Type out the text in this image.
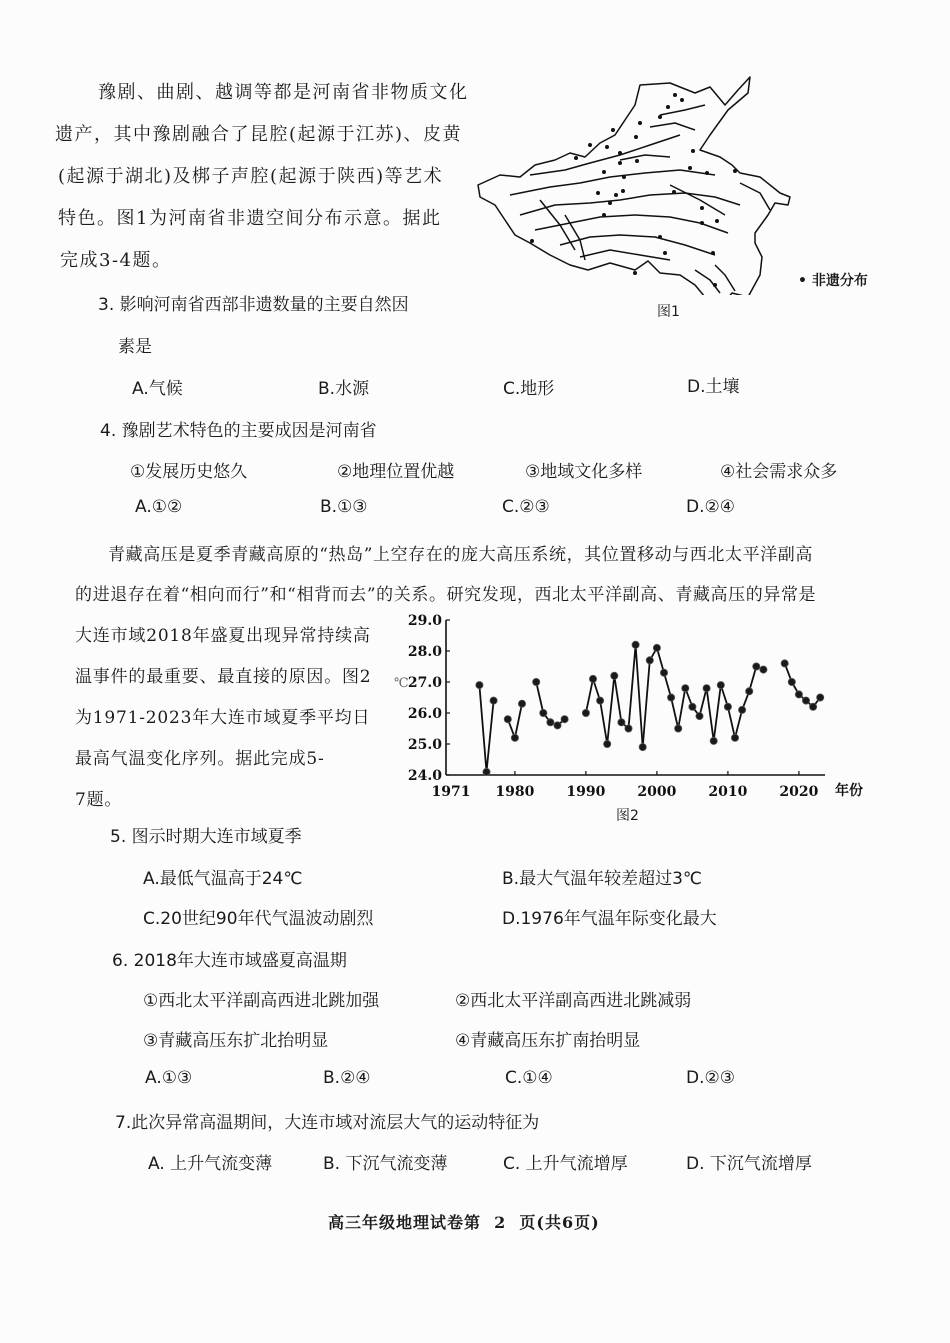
豫剧、曲剧、越调等都是河南省非物质文化
遗产，其中豫剧融合了昆腔(起源于江苏)、皮黄
(起源于湖北)及梆子声腔(起源于陕西)等艺术
特色。图1为河南省非遗空间分布示意。据此
完成3-4题。
• 非遗分布
图1
3. 影响河南省西部非遗数量的主要自然因
素是
A.气候	B.水源	C.地形	D.土壤
4. 豫剧艺术特色的主要成因是河南省
①发展历史悠久	②地理位置优越	③地域文化多样	④社会需求众多
A.①②	B.①③	C.②③	D.②④
青藏高压是夏季青藏高原的“热岛”上空存在的庞大高压系统，其位置移动与西北太平洋副高
的进退存在着“相向而行”和“相背而去”的关系。研究发现，西北太平洋副高、青藏高压的异常是
大连市域2018年盛夏出现异常持续高
温事件的最重要、最直接的原因。图2
为1971-2023年大连市域夏季平均日
最高气温变化序列。据此完成5-
7题。
24.0
25.0
26.0
27.0
28.0
29.0
℃
1971 1980 1990 2000 2010 2020 年份
图2
5. 图示时期大连市域夏季
A.最低气温高于24℃	B.最大气温年较差超过3℃
C.20世纪90年代气温波动剧烈	D.1976年气温年际变化最大
6. 2018年大连市域盛夏高温期
①西北太平洋副高西进北跳加强	②西北太平洋副高西进北跳减弱
③青藏高压东扩北抬明显	④青藏高压东扩南抬明显
A.①③	B.②④	C.①④	D.②③
7.此次异常高温期间，大连市域对流层大气的运动特征为
A. 上升气流变薄	B. 下沉气流变薄	C. 上升气流增厚	D. 下沉气流增厚
高三年级地理试卷第  2  页(共6页)
